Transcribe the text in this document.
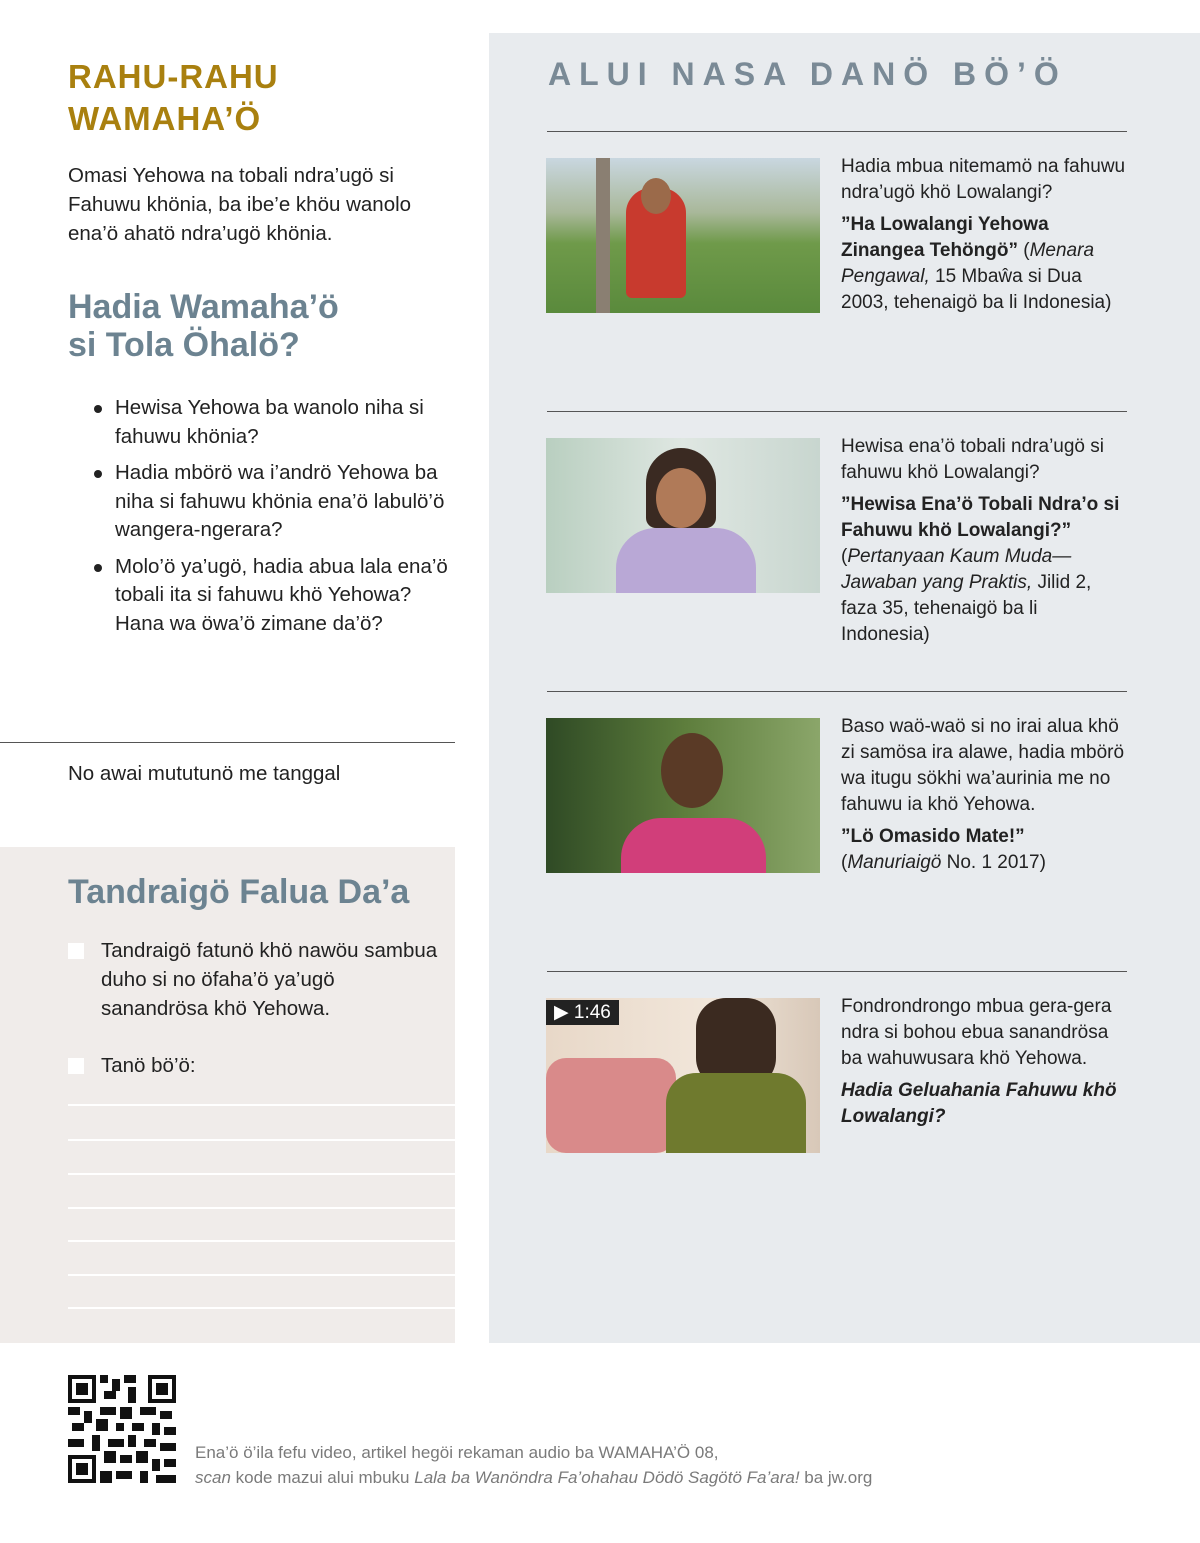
RAHU-RAHU
WAMAHA’Ö

Omasi Yehowa na tobali ndra’ugö si Fahuwu khönia, ba ibe’e khöu wanolo ena’ö ahatö ndra’ugö khönia.

Hadia Wamaha’ö
si Tola Öhalö?
Hewisa Yehowa ba wanolo niha si fahuwu khönia?
Hadia mbörö wa i’andrö Yehowa ba niha si fahuwu khönia ena’ö labulö’ö wangera-ngerara?
Molo’ö ya’ugö, hadia abua lala ena’ö tobali ita si fahuwu khö Yehowa? Hana wa öwa’ö zimane da’ö?
No awai mututunö me tanggal
Tandraigö Falua Da’a
Tandraigö fatunö khö nawöu sambua duho si no öfaha’ö ya’ugö sanandrösa khö Yehowa.
Tanö bö’ö:
ALUI NASA DANÖ BÖ’Ö
Hadia mbua nitemamö na fahuwu ndra’ugö khö Lowalangi?
”Ha Lowalangi Yehowa Zinangea Tehöngö” (Menara Pengawal, 15 Mbaŵa si Dua 2003, tehenaigö ba li Indonesia)
Hewisa ena’ö tobali ndra’ugö si fahuwu khö Lowalangi?
”Hewisa Ena’ö Tobali Ndra’o si Fahuwu khö Lowalangi?” (Pertanyaan Kaum Muda—Jawaban yang Praktis, Jilid 2, faza 35, tehenaigö ba li Indonesia)
Baso waö-waö si no irai alua khö zi samösa ira alawe, hadia mbörö wa itugu sökhi wa’aurinia me no fahuwu ia khö Yehowa.
”Lö Omasido Mate!”
(Manuriaigö No. 1 2017)
▶ 1:46	Fondrondrongo mbua gera-gera ndra si bohou ebua sanandrösa ba wahuwusara khö Yehowa.
Hadia Geluahania Fahuwu khö Lowalangi?
Ena’ö ö’ila fefu video, artikel hegöi rekaman audio ba WAMAHA’Ö 08,
scan kode mazui alui mbuku Lala ba Wanöndra Fa’ohahau Dödö Sagötö Fa’ara! ba jw.org
